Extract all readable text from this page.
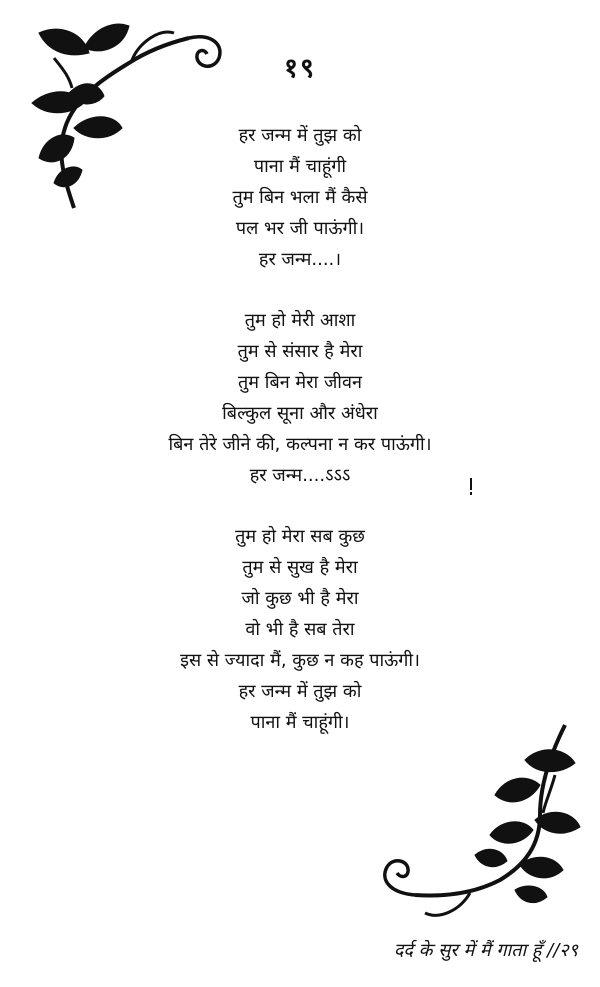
१९
हर जन्म में तुझ को
पाना मैं चाहूंगी
तुम बिन भला मैं कैसे
पल भर जी पाऊंगी।
हर जन्म....।
तुम हो मेरी आशा
तुम से संसार है मेरा
तुम बिन मेरा जीवन
बिल्कुल सूना और अंधेरा
बिन तेरे जीने की, कल्पना न कर पाऊंगी।
हर जन्म....ऽऽऽ
तुम हो मेरा सब कुछ
तुम से सुख है मेरा
जो कुछ भी है मेरा
वो भी है सब तेरा
इस से ज्यादा मैं, कुछ न कह पाऊंगी।
हर जन्म में तुझ को
पाना मैं चाहूंगी।
दर्द के सुर में मैं गाता हूँ //२९
